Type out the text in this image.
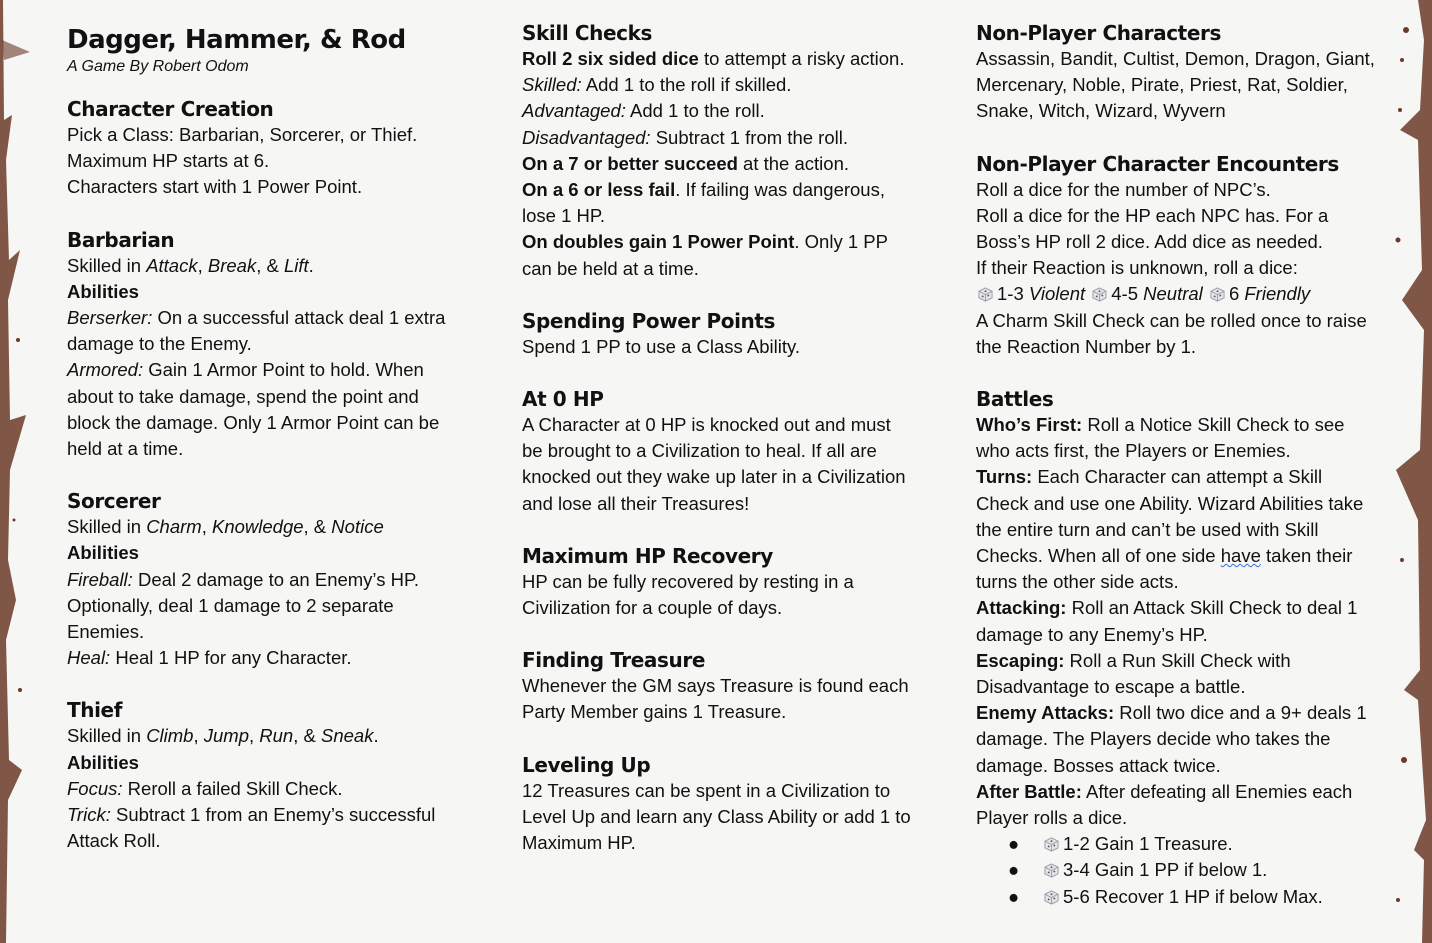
Dagger, Hammer, & Rod
A Game By Robert Odom
Character Creation

Pick a Class: Barbarian, Sorcerer, or Thief.

Maximum HP starts at 6.

Characters start with 1 Power Point.

Barbarian

Skilled in Attack, Break, & Lift.

Abilities

Berserker: On a successful attack deal 1 extra damage to the Enemy.

Armored: Gain 1 Armor Point to hold. When about to take damage, spend the point and block the damage. Only 1 Armor Point can be held at a time.

Sorcerer

Skilled in Charm, Knowledge, & Notice

Abilities

Fireball: Deal 2 damage to an Enemy’s HP. Optionally, deal 1 damage to 2 separate Enemies.

Heal: Heal 1 HP for any Character.

Thief

Skilled in Climb, Jump, Run, & Sneak.

Abilities

Focus: Reroll a failed Skill Check.

Trick: Subtract 1 from an Enemy’s successful Attack Roll.

Skill Checks

Roll 2 six sided dice to attempt a risky action.

Skilled: Add 1 to the roll if skilled.

Advantaged: Add 1 to the roll.

Disadvantaged: Subtract 1 from the roll.

On a 7 or better succeed at the action.

On a 6 or less fail. If failing was dangerous, lose 1 HP.

On doubles gain 1 Power Point. Only 1 PP can be held at a time.

Spending Power Points

Spend 1 PP to use a Class Ability.

At 0 HP

A Character at 0 HP is knocked out and must be brought to a Civilization to heal. If all are knocked out they wake up later in a Civilization and lose all their Treasures!

Maximum HP Recovery

HP can be fully recovered by resting in a Civilization for a couple of days.

Finding Treasure

Whenever the GM says Treasure is found each Party Member gains 1 Treasure.

Leveling Up

12 Treasures can be spent in a Civilization to Level Up and learn any Class Ability or add 1 to Maximum HP.

Non-Player Characters

Assassin, Bandit, Cultist, Demon, Dragon, Giant, Mercenary, Noble, Pirate, Priest, Rat, Soldier, Snake, Witch, Wizard, Wyvern

Non-Player Character Encounters

Roll a dice for the number of NPC’s.

Roll a dice for the HP each NPC has. For a Boss’s HP roll 2 dice. Add dice as needed.

If their Reaction is unknown, roll a dice:

1-3 Violent 4-5 Neutral 6 Friendly

A Charm Skill Check can be rolled once to raise the Reaction Number by 1.

Battles

Who’s First: Roll a Notice Skill Check to see who acts first, the Players or Enemies.

Turns: Each Character can attempt a Skill Check and use one Ability. Wizard Abilities take the entire turn and can’t be used with Skill Checks. When all of one side have taken their turns the other side acts.

Attacking: Roll an Attack Skill Check to deal 1 damage to any Enemy’s HP.

Escaping: Roll a Run Skill Check with Disadvantage to escape a battle.

Enemy Attacks: Roll two dice and a 9+ deals 1 damage. The Players decide who takes the damage. Bosses attack twice.

After Battle: After defeating all Enemies each Player rolls a dice.

● 1-2 Gain 1 Treasure.
● 3-4 Gain 1 PP if below 1.
● 5-6 Recover 1 HP if below Max.
